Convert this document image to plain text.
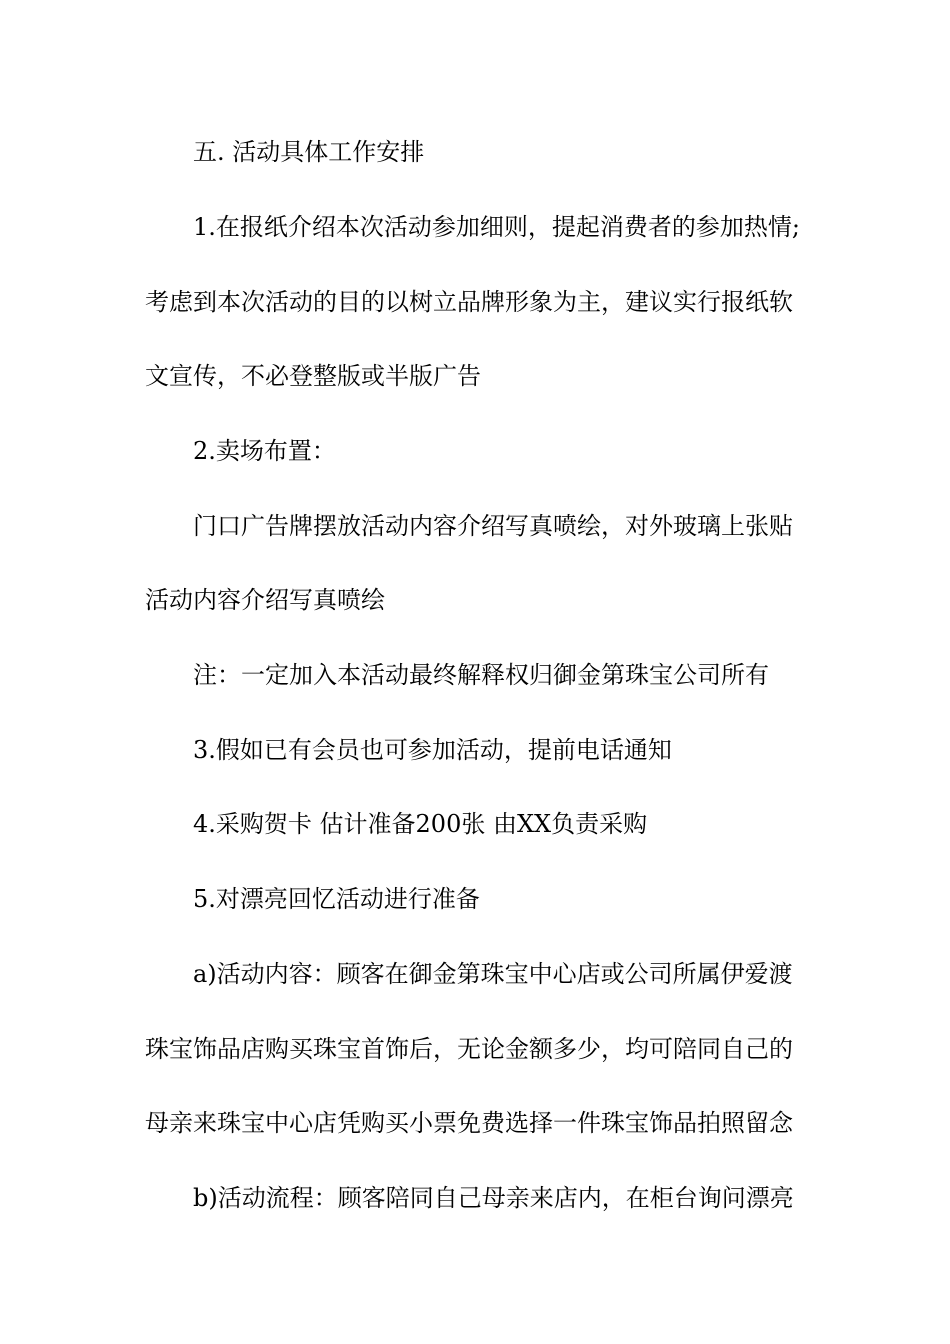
五. 活动具体工作安排
1.在报纸介绍本次活动参加细则，提起消费者的参加热情;
考虑到本次活动的目的以树立品牌形象为主，建议实行报纸软
文宣传，不必登整版或半版广告
2.卖场布置：
门口广告牌摆放活动内容介绍写真喷绘，对外玻璃上张贴
活动内容介绍写真喷绘
注：一定加入本活动最终解释权归御金第珠宝公司所有
3.假如已有会员也可参加活动，提前电话通知
4.采购贺卡 估计准备200张 由XX负责采购
5.对漂亮回忆活动进行准备
a)活动内容：顾客在御金第珠宝中心店或公司所属伊爱渡
珠宝饰品店购买珠宝首饰后，无论金额多少，均可陪同自己的
母亲来珠宝中心店凭购买小票免费选择一件珠宝饰品拍照留念
b)活动流程：顾客陪同自己母亲来店内，在柜台询问漂亮
